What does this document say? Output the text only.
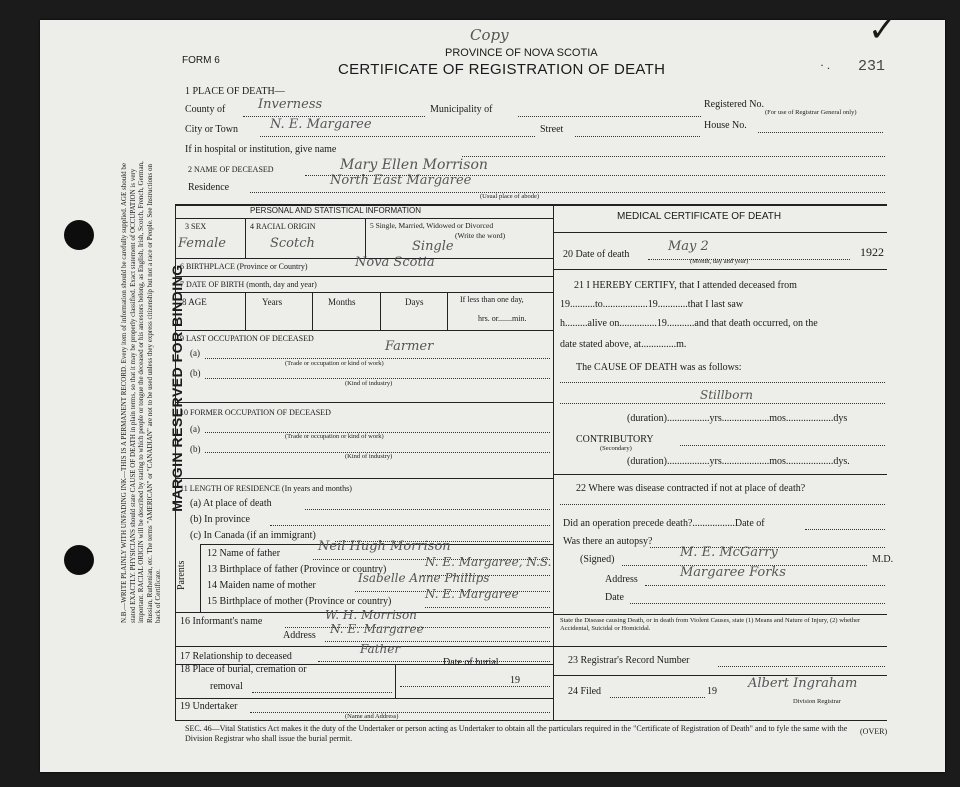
N.B.—WRITE PLAINLY WITH UNFADING INK—THIS IS A PERMANENT RECORD. Every item of information should be carefully supplied. AGE should be stated EXACTLY. PHYSICIANS should state CAUSE OF DEATH in plain terms, so that it may be properly classified. Exact statement of OCCUPATION is very important. RACIAL ORIGIN will be described by stating to which people or tongue the deceased or his ancestors belong, as English, Irish, Scotch, French, German, Russian, Ruthenian, etc. The terms "AMERICAN" or "CANADIAN" are not to be used unless they express citizenship but not a race or People. See Instructions on back of Certificate.
MARGIN RESERVED FOR BINDING
Copy	✓
PROVINCE OF NOVA SCOTIA
FORM 6
CERTIFICATE OF REGISTRATION OF DEATH	· . 231
1 PLACE OF DEATH—
County of	Inverness	Municipality of	Registered No.
(For use of Registrar General only)
City or Town N. E. Margaree	Street	House No.
If in hospital or institution, give name
2 NAME OF DECEASED	Mary Ellen Morrison
Residence	North East Margaree
(Usual place of abode)
PERSONAL AND STATISTICAL INFORMATION
3 SEX
Female
4 RACIAL ORIGIN
Scotch
5 Single, Married, Widowed or Divorced
(Write the word)
Single
6 BIRTHPLACE (Province or Country)	Nova Scotia
7 DATE OF BIRTH (month, day and year)
8 AGE	Years	Months	Days	If less than one day,
hrs. or.......min.
9 LAST OCCUPATION OF DECEASED
(a)	Farmer
(Trade or occupation or kind of work)
(b)
(Kind of industry)
10 FORMER OCCUPATION OF DECEASED
(a)
(Trade or occupation or kind of work)
(b)
(Kind of industry)
11 LENGTH OF RESIDENCE (In years and months)
(a) At place of death
(b) In province
(c) In Canada (if an immigrant)
Parents
12 Name of father	Neil Hugh Morrison
13 Birthplace of father (Province or country)
N. E. Margaree, N.S.
14 Maiden name of mother
Isabelle Anne Phillips
15 Birthplace of mother (Province or country)
N. E. Margaree
16 Informant's name	W. H. Morrison
Address N. E. Margaree
17 Relationship to deceased
Father
18 Place of burial, cremation or
removal
Date of burial
19
19 Undertaker
(Name and Address)
MEDICAL CERTIFICATE OF DEATH
20 Date of death
May 2	1922
(Month, day and year)
21 I HEREBY CERTIFY, that I attended deceased from
19..........to..................19............that I last saw
h.........alive on...............19...........and that death occurred, on the
date stated above, at..............m.
The CAUSE OF DEATH was as follows:
Stillborn
(duration).................yrs...................mos...................dys
CONTRIBUTORY
(Secondary)
(duration).................yrs...................mos...................dys.
22 Where was disease contracted if not at place of death?
Did an operation precede death?.................Date of
Was there an autopsy?
(Signed)	M. E. McGarry	M.D.
Address	Margaree Forks
Date
State the Disease causing Death, or in death from Violent Causes, state (1) Means and Nature of Injury, (2) whether Accidental, Suicidal or Homicidal.
23 Registrar's Record Number
24 Filed	19
Albert Ingraham
Division Registrar
SEC. 46—Vital Statistics Act makes it the duty of the Undertaker or person acting as Undertaker to obtain all the particulars required in the "Certificate of Registration of Death" and to fyle the same with the Division Registrar who shall issue the burial permit.
(OVER)
